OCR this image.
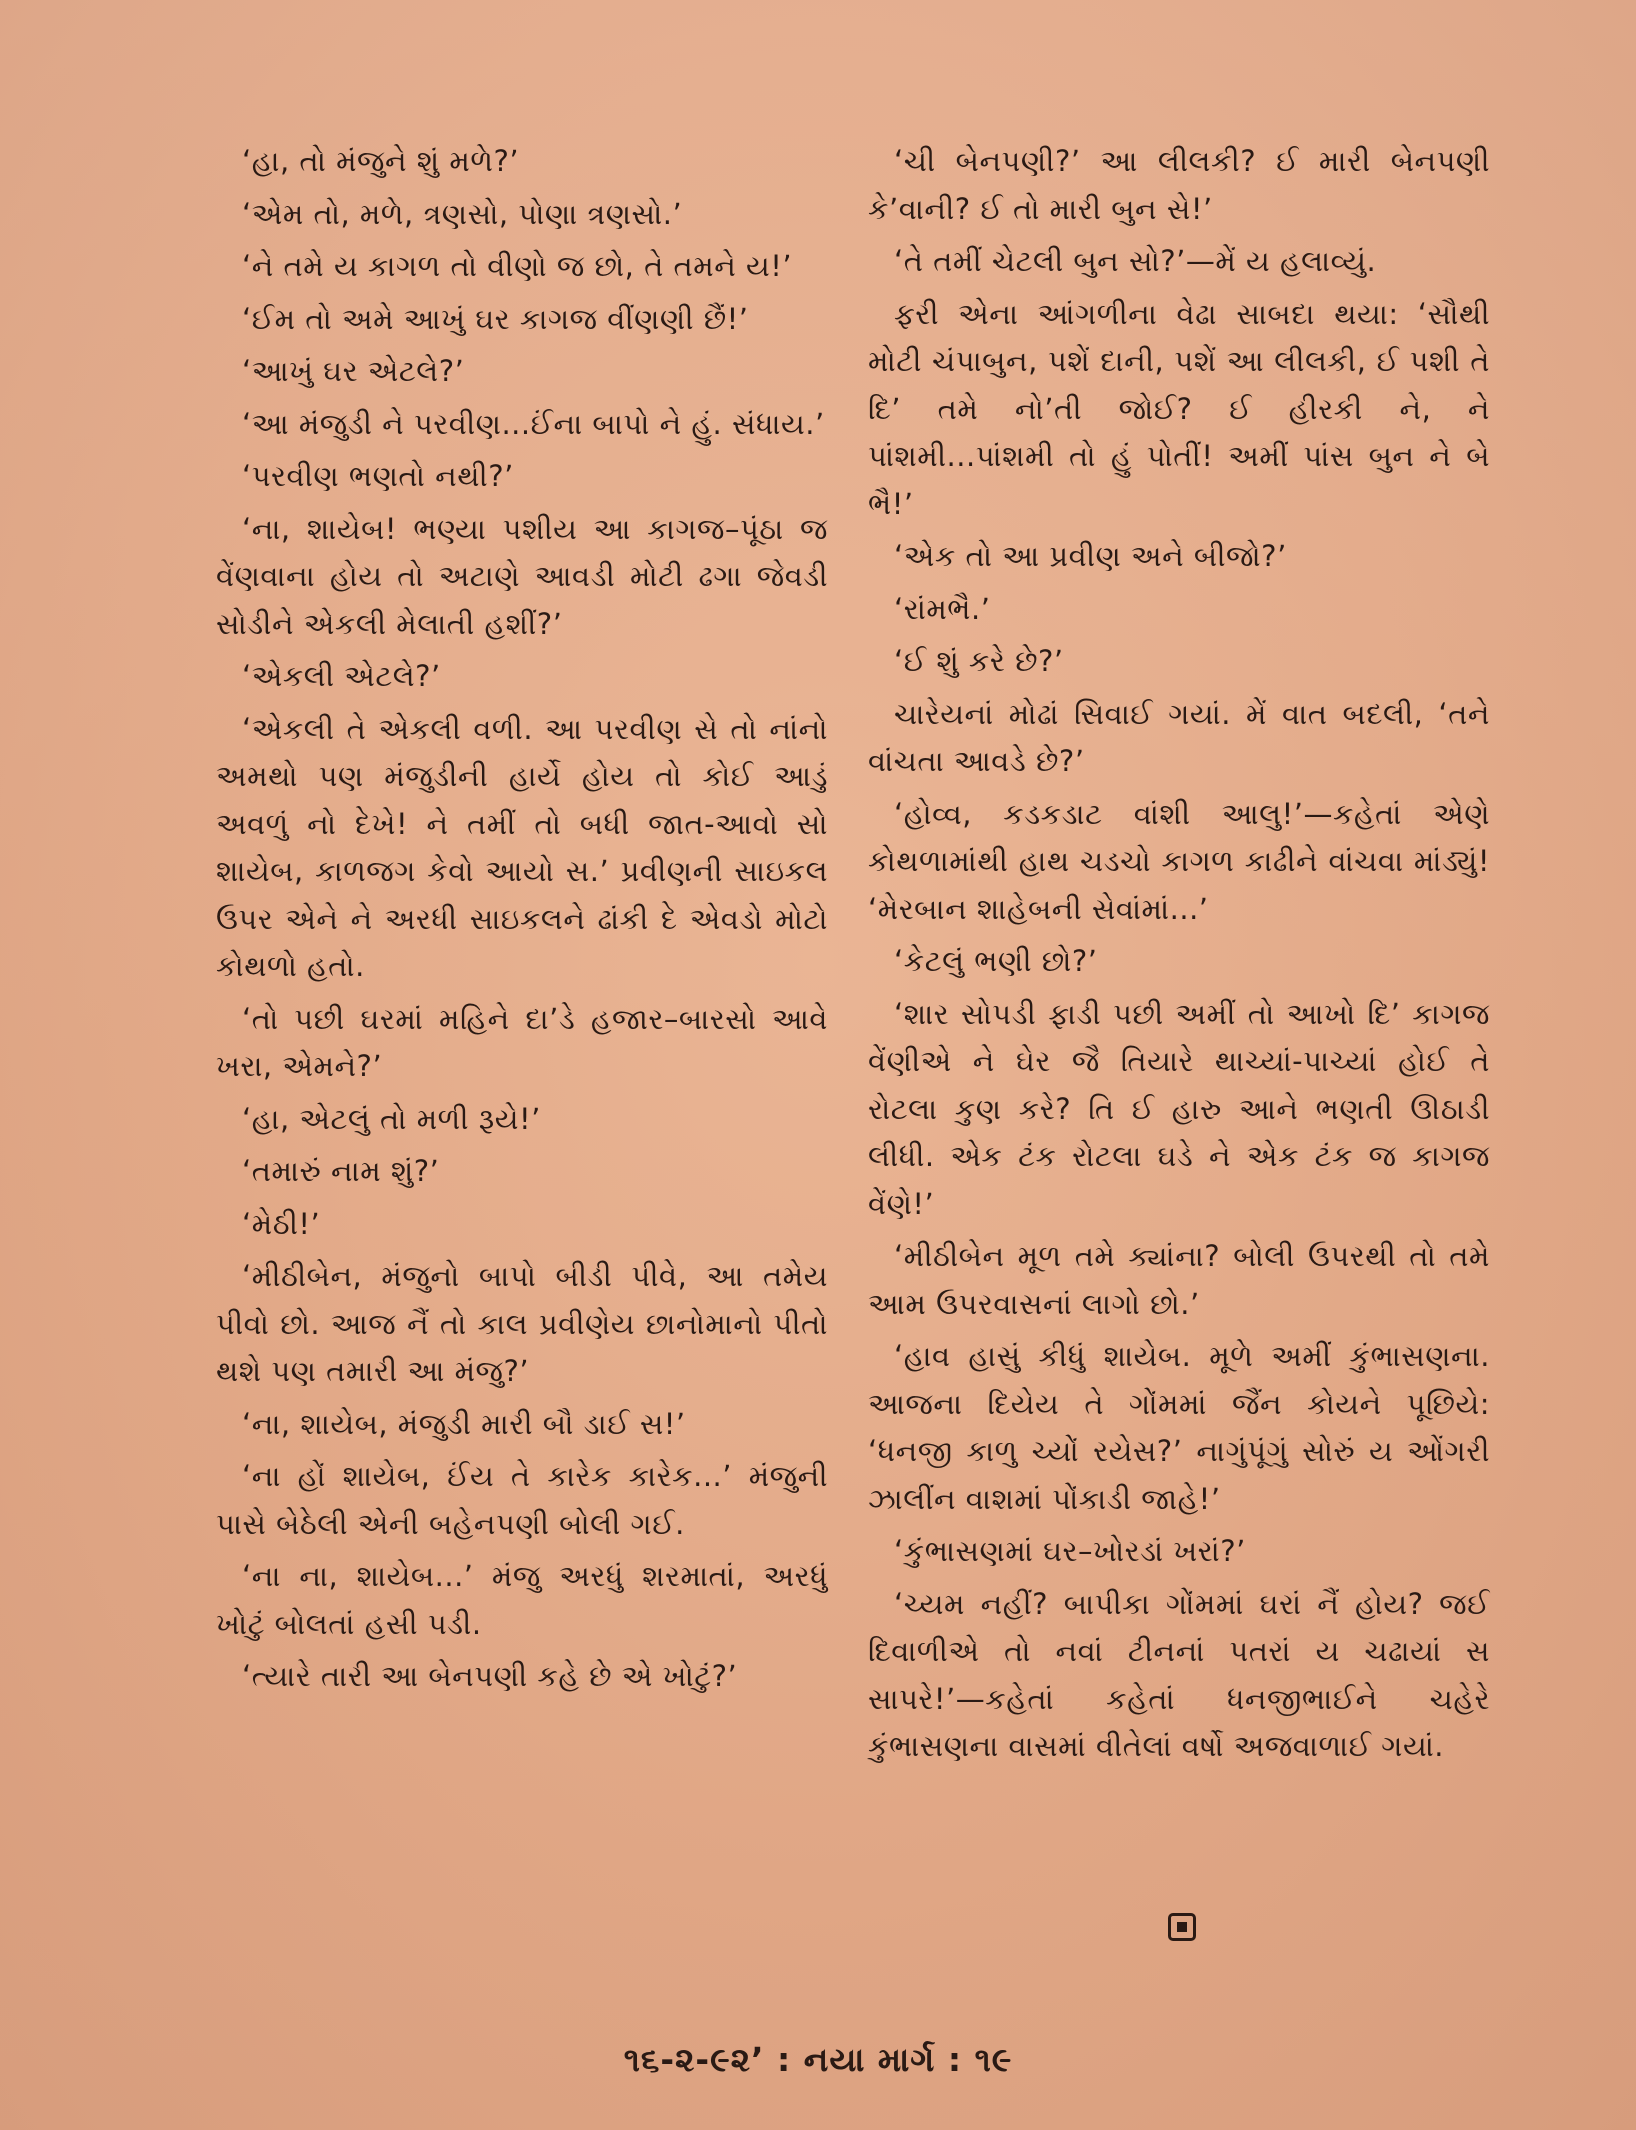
‘હા, તો મંજુને શું મળે?’

‘એમ તો, મળે, ત્રણસો, પોણા ત્રણસો.’

‘ને તમે ય કાગળ તો વીણો જ છો, તે તમને ય!’

‘ઈમ તો અમે આખું ઘર કાગજ વીંણણી છૈં!’

‘આખું ઘર એટલે?’

‘આ મંજુડી ને પરવીણ...ઈંના બાપો ને હું. સંધાય.’

‘પરવીણ ભણતો નથી?’

‘ના, શાયેબ! ભણ્યા પશીય આ કાગજ–પૂંઠા જ વેંણવાના હોય તો અટાણે આવડી મોટી ઢગા જેવડી સોડીને એકલી મેલાતી હશીં?’

‘એકલી એટલે?’

‘એકલી તે એકલી વળી. આ પરવીણ સે તો નાંનો અમથો પણ મંજુડીની હાર્યે હોય તો કોઈ આડું અવળું નો દેખે! ને તમીં તો બધી જાત-આવો સો શાયેબ, કાળજગ કેવો આયો સ.’ પ્રવીણની સાઇકલ ઉપર એને ને અરધી સાઇકલને ઢાંકી દે એવડો મોટો કોથળો હતો.

‘તો પછી ઘરમાં મહિને દા’ડે હજાર–બારસો આવે ખરા, એમને?’

‘હા, એટલું તો મળી રૂયે!’

‘તમારું નામ શું?’

‘મેઠી!’

‘મીઠીબેન, મંજુનો બાપો બીડી પીવે, આ તમેય પીવો છો. આજ નૈં તો કાલ પ્રવીણેય છાનોમાનો પીતો થશે પણ તમારી આ મંજુ?’

‘ના, શાયેબ, મંજુડી મારી બૌ ડાઈ સ!’

‘ના હોં શાયેબ, ઈંય તે કારેક કારેક...’ મંજુની પાસે બેઠેલી એની બહેનપણી બોલી ગઈ.

‘ના ના, શાયેબ...’ મંજુ અરધું શરમાતાં, અરધું ખોટું બોલતાં હસી પડી.

‘ત્યારે તારી આ બેનપણી કહે છે એ ખોટું?’

‘ચી બેનપણી?’ આ લીલકી? ઈ મારી બેનપણી કે’વાની? ઈ તો મારી બુન સે!’

‘તે તમીં ચેટલી બુન સો?’—મેં ય હલાવ્યું.

ફરી એના આંગળીના વેઢા સાબદા થયા: ‘સૌથી મોટી ચંપાબુન, પશેં દાની, પશેં આ લીલકી, ઈ પશી તે દિ’ તમે નો’તી જોઈ? ઈ હીરકી ને, ને પાંશમી...પાંશમી તો હું પોતીં! અમીં પાંસ બુન ને બે ભૈ!’

‘એક તો આ પ્રવીણ અને બીજો?’

‘રાંમભૈ.’

‘ઈ શું કરે છે?’

ચારેયનાં મોઢાં સિવાઈ ગયાં. મેં વાત બદલી, ‘તને વાંચતા આવડે છે?’

‘હોવ્વ, કડકડાટ વાંશી આલુ!’—કહેતાં એણે કોથળામાંથી હાથ ચડચો કાગળ કાઢીને વાંચવા માંડ્યું! ‘મેરબાન શાહેબની સેવાંમાં...’

‘કેટલું ભણી છો?’

‘શાર સોપડી ફાડી પછી અમીં તો આખો દિ’ કાગજ વેંણીએ ને ઘેર જૈ તિયારે થાચ્યાં-પાચ્યાં હોઈ તે રોટલા કુણ કરે? તિ ઈ હારુ આને ભણતી ઊઠાડી લીધી. એક ટંક રોટલા ઘડે ને એક ટંક જ કાગજ વેંણે!’

‘મીઠીબેન મૂળ તમે ક્યાંના? બોલી ઉપરથી તો તમે આમ ઉપરવાસનાં લાગો છો.’

‘હાવ હાસું કીધું શાયેબ. મૂળે અમીં કુંભાસણના. આજના દિયેય તે ગોંમમાં જૈંન કોયને પૂછિયે: ‘ધનજી કાળુ ચ્યોં રયેસ?’ નાગુંપૂંગું સોરું ય ઓંગરી ઝાલીંન વાશમાં પોંકાડી જાહે!’

‘કુંભાસણમાં ઘર–ખોરડાં ખરાં?’

‘ચ્યમ નહીં? બાપીકા ગોંમમાં ઘરાં નૈં હોય? જઈ દિવાળીએ તો નવાં ટીનનાં પતરાં ય ચઢાયાં સ સાપરે!’—કહેતાં કહેતાં ધનજીભાઈને ચહેરે કુંભાસણના વાસમાં વીતેલાં વર્ષો અજવાળાઈ ગયાં.

૧૬-૨-૯૨’ : નયા માર્ગ : ૧૯
